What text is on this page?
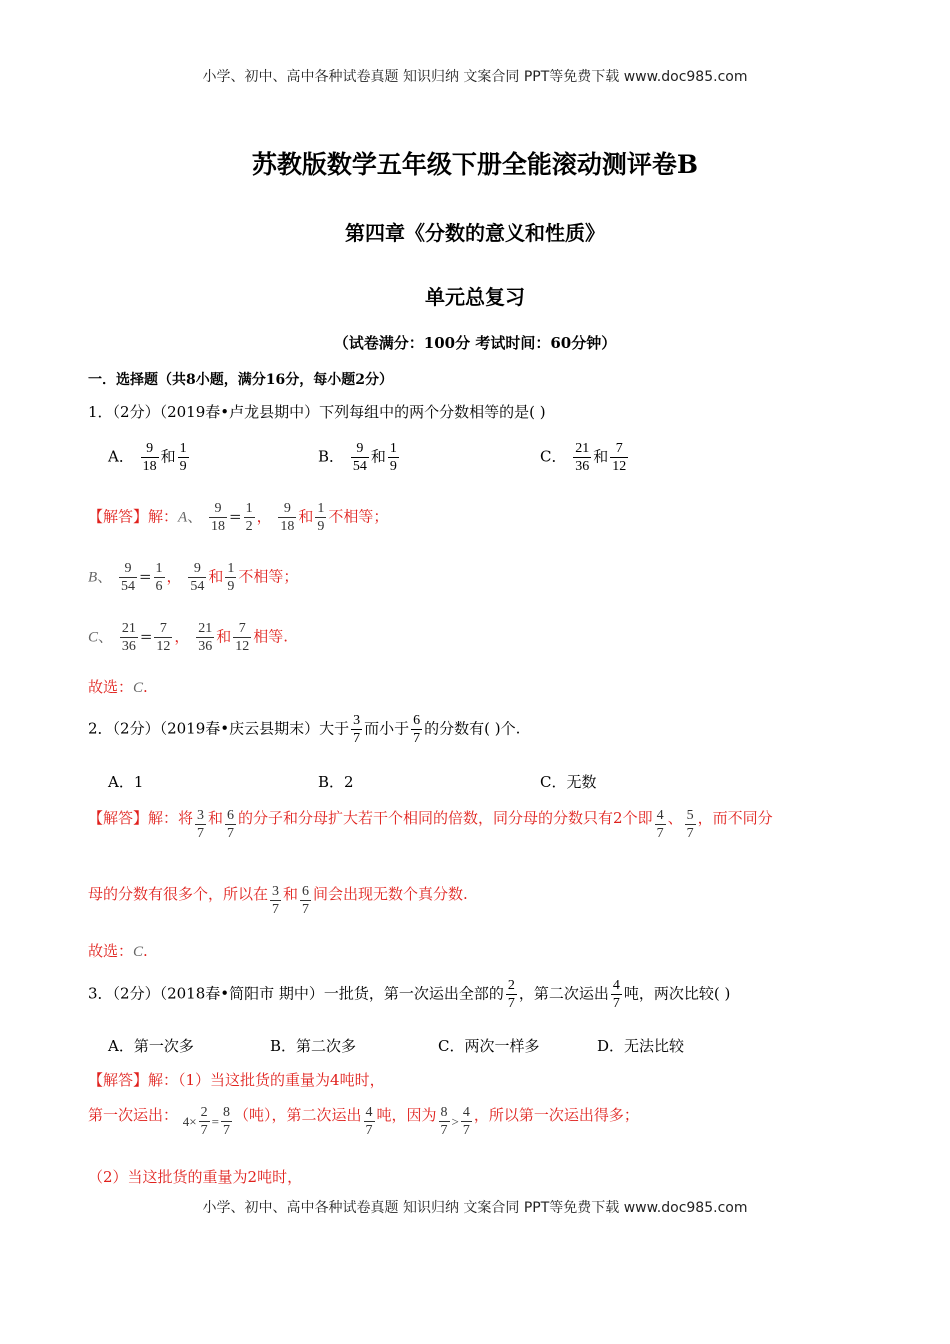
小学、初中、高中各种试卷真题 知识归纳 文案合同 PPT等免费下载 www.doc985.com
苏教版数学五年级下册全能滚动测评卷B
第四章《分数的意义和性质》
单元总复习
（试卷满分：100分 考试时间：60分钟）
一．选择题（共8小题，满分16分，每小题2分）
1．（2分）（2019春•卢龙县期中）下列每组中的两个分数相等的是( )
A． $\frac{9}{18}$ 和 $\frac{1}{9}$	B． $\frac{9}{54}$ 和 $\frac{1}{9}$	C． $\frac{21}{36}$ 和 $\frac{7}{12}$
【解答】解：A、 $\frac{9}{18} = \frac{1}{2}$ ， $\frac{9}{18}$ 和 $\frac{1}{9}$ 不相等；
B、 $\frac{9}{54} = \frac{1}{6}$ ， $\frac{9}{54}$ 和 $\frac{1}{9}$ 不相等；
C、 $\frac{21}{36} = \frac{7}{12}$ ， $\frac{21}{36}$ 和 $\frac{7}{12}$ 相等.
故选：C.
2．（2分）（2019春•庆云县期末）大于 $\frac{3}{7}$ 而小于 $\frac{6}{7}$ 的分数有( )个.
A．1	B．2	C．无数
【解答】解：将 $\frac{3}{7}$ 和 $\frac{6}{7}$ 的分子和分母扩大若干个相同的倍数，同分母的分数只有2个即 $\frac{4}{7}$ 、 $\frac{5}{7}$ ，而不同分
母的分数有很多个，所以在 $\frac{3}{7}$ 和 $\frac{6}{7}$ 间会出现无数个真分数.
故选：C.
3．（2分）（2018春•简阳市 期中）一批货，第一次运出全部的 $\frac{2}{7}$ ，第二次运出 $\frac{4}{7}$ 吨，两次比较( )
A．第一次多	B．第二次多	C．两次一样多	D．无法比较
【解答】解：（1）当这批货的重量为4吨时，
第一次运出： $4\times \frac{2}{7} = \frac{8}{7}$ （吨），第二次运出 $\frac{4}{7}$ 吨，因为 $\frac{8}{7} > \frac{4}{7}$ ，所以第一次运出得多；
（2）当这批货的重量为2吨时，
小学、初中、高中各种试卷真题 知识归纳 文案合同 PPT等免费下载 www.doc985.com
